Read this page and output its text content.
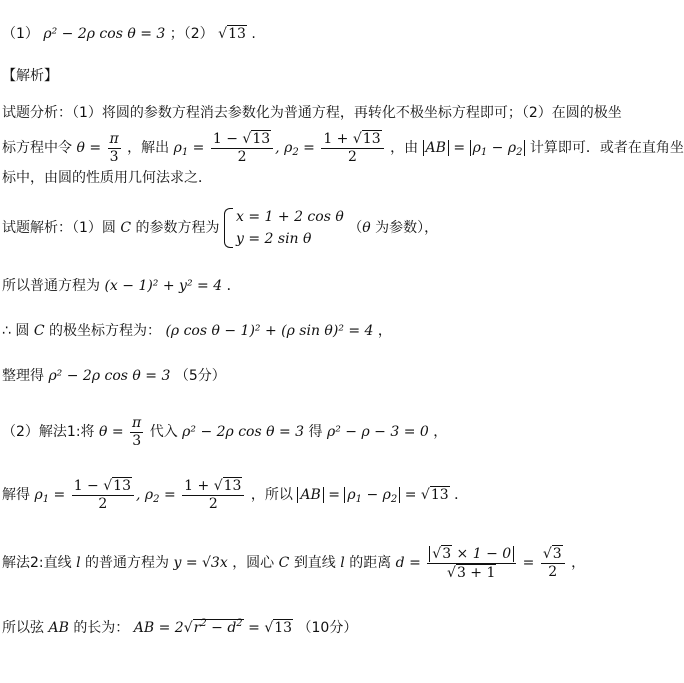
（1） ρ² − 2ρ cos θ = 3 ；（2） √13 .
【解析】
试题分析：（1）将圆的参数方程消去参数化为普通方程，再转化不极坐标方程即可；（2）在圆的极坐
标方程中令 $\theta = \frac{\pi}{3}$ ，解出 $\rho_1 = \frac{1 - √13}{2}$ , $\rho_2 = \frac{1 + √13}{2}$ ，由 AB = $\rho_1 - \rho_2$ 计算即可．或者在直角坐
标中，由圆的性质用几何法求之．
试题解析：（1）圆 C 的参数方程为
x = 1 + 2 cos θ
y = 2 sin θ
（θ 为参数），
所以普通方程为 (x − 1)² + y² = 4 ．
∴ 圆 C 的极坐标方程为： (ρ cos θ − 1)² + (ρ sin θ)² = 4 ，
整理得 ρ² − 2ρ cos θ = 3 （5分）
（2）解法1:将 $\theta = \frac{\pi}{3}$ 代入 ρ² − 2ρ cos θ = 3 得 ρ² − ρ − 3 = 0 ，
解得 $\rho_1 = \frac{1 - √13}{2}$ , $\rho_2 = \frac{1 + √13}{2}$ ，所以 AB = $\rho_1 - \rho_2 = √13$ ．
解法2:直线 l 的普通方程为 y = √3x ，圆心 C 到直线 l 的距离 $d = \frac{√3 \times 1 - 0}{√3 + 1} = \frac{√3}{2}$ ，
所以弦 AB 的长为： AB = $2√r^2 - d^2 = √13$ （10分）
